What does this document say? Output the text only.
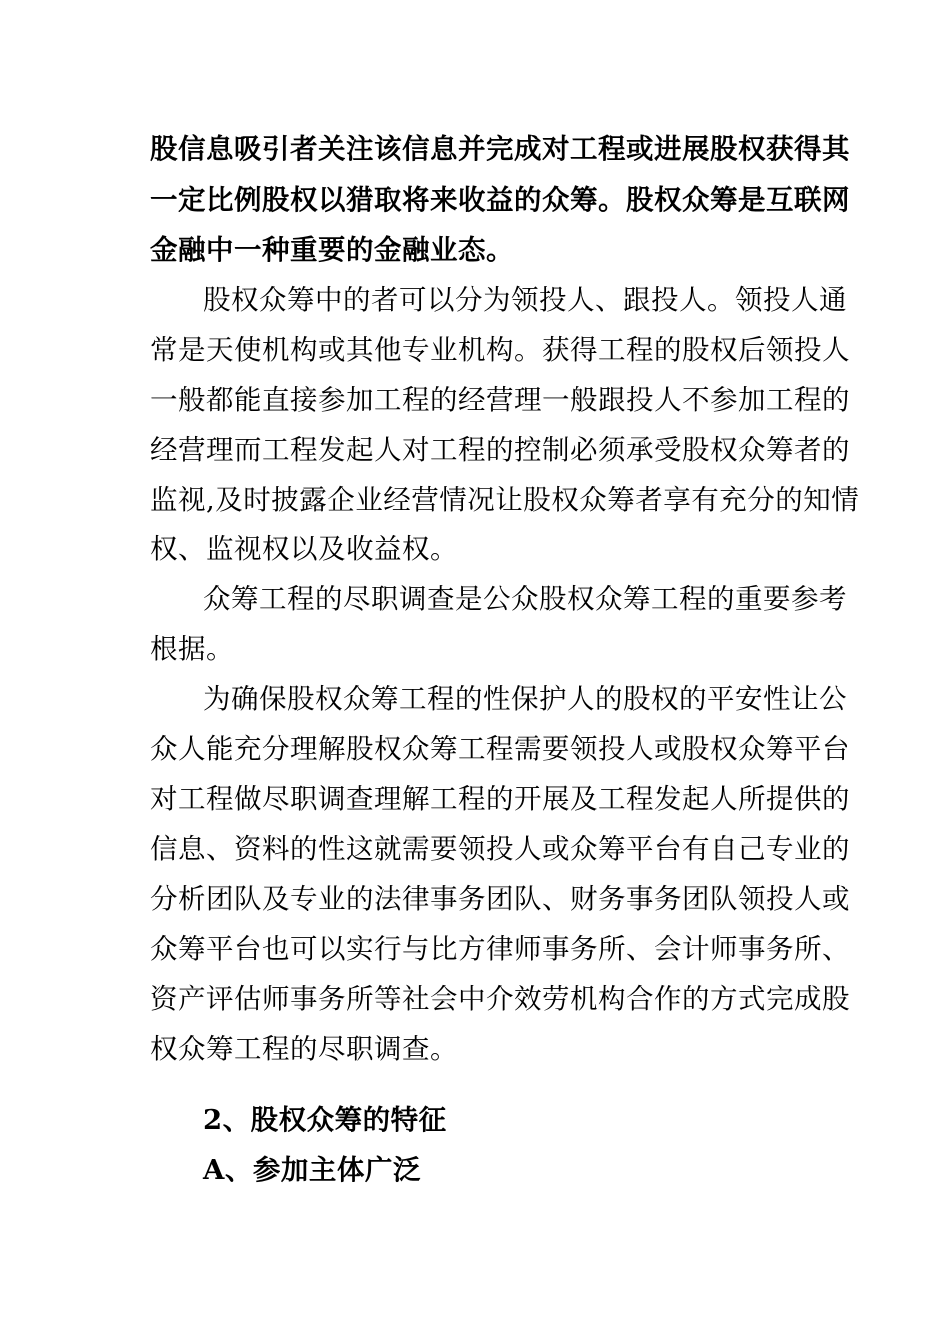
股信息吸引者关注该信息并完成对工程或进展股权获得其
一定比例股权以猎取将来收益的众筹。股权众筹是互联网
金融中一种重要的金融业态。
股权众筹中的者可以分为领投人、跟投人。领投人通
常是天使机构或其他专业机构。获得工程的股权后领投人
一般都能直接参加工程的经营理一般跟投人不参加工程的
经营理而工程发起人对工程的控制必须承受股权众筹者的
监视,及时披露企业经营情况让股权众筹者享有充分的知情
权、监视权以及收益权。
众筹工程的尽职调查是公众股权众筹工程的重要参考
根据。
为确保股权众筹工程的性保护人的股权的平安性让公
众人能充分理解股权众筹工程需要领投人或股权众筹平台
对工程做尽职调查理解工程的开展及工程发起人所提供的
信息、资料的性这就需要领投人或众筹平台有自己专业的
分析团队及专业的法律事务团队、财务事务团队领投人或
众筹平台也可以实行与比方律师事务所、会计师事务所、
资产评估师事务所等社会中介效劳机构合作的方式完成股
权众筹工程的尽职调查。
2、股权众筹的特征
A、参加主体广泛
